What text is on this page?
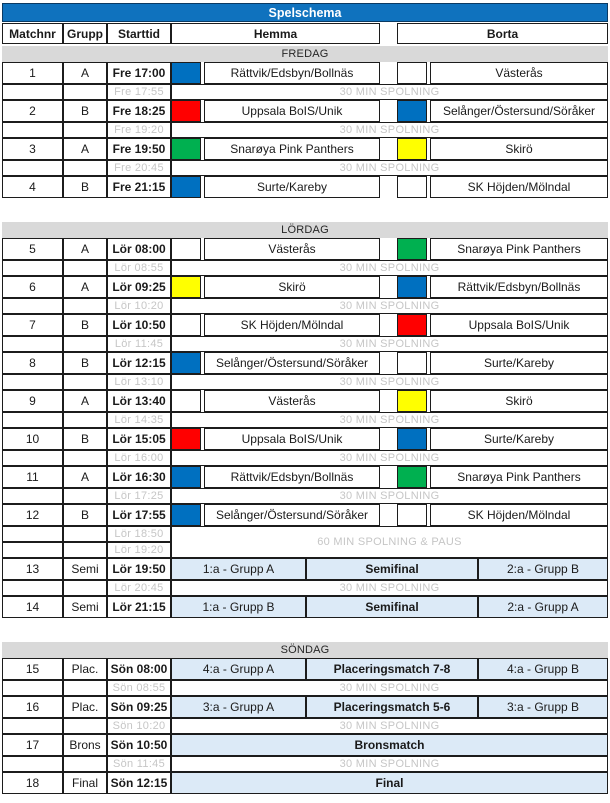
Spelschema
Matchnr Grupp	Starttid	Hemma	Borta
FREDAG
1	A	Fre 17:00	Rättvik/Edsbyn/Bollnäs	Västerås
Fre 17:55	30 MIN SPOLNING
2	B	Fre 18:25	Uppsala BoIS/Unik	Selånger/Östersund/Söråker
Fre 19:20	30 MIN SPOLNING
3	A	Fre 19:50	Snarøya Pink Panthers	Skirö
Fre 20:45	30 MIN SPOLNING
4	B	Fre 21:15	Surte/Kareby	SK Höjden/Mölndal
LÖRDAG
5	A	Lör 08:00	Västerås	Snarøya Pink Panthers
Lör 08:55	30 MIN SPOLNING
6	A	Lör 09:25	Skirö	Rättvik/Edsbyn/Bollnäs
Lör 10:20	30 MIN SPOLNING
7	B	Lör 10:50	SK Höjden/Mölndal	Uppsala BoIS/Unik
Lör 11:45	30 MIN SPOLNING
8	B	Lör 12:15	Selånger/Östersund/Söråker	Surte/Kareby
Lör 13:10	30 MIN SPOLNING
9	A	Lör 13:40	Västerås	Skirö
Lör 14:35	30 MIN SPOLNING
10	B	Lör 15:05	Uppsala BoIS/Unik	Surte/Kareby
Lör 16:00	30 MIN SPOLNING
11	A	Lör 16:30	Rättvik/Edsbyn/Bollnäs	Snarøya Pink Panthers
Lör 17:25	30 MIN SPOLNING
12	B	Lör 17:55	Selånger/Östersund/Söråker	SK Höjden/Mölndal
Lör 18:50
Lör 19:20
60 MIN SPOLNING & PAUS
13	Semi	Lör 19:50	1:a - Grupp A	Semifinal	2:a - Grupp B
Lör 20:45	30 MIN SPOLNING
14	Semi	Lör 21:15	1:a - Grupp B	Semifinal	2:a - Grupp A
SÖNDAG
15	Plac.	Sön 08:00	4:a - Grupp A	Placeringsmatch 7-8	4:a - Grupp B
Sön 08:55	30 MIN SPOLNING
16	Plac.	Sön 09:25	3:a - Grupp A	Placeringsmatch 5-6	3:a - Grupp B
Sön 10:20	30 MIN SPOLNING
17	Brons Sön 10:50	Bronsmatch
Sön 11:45	30 MIN SPOLNING
18	Final	Sön 12:15	Final
